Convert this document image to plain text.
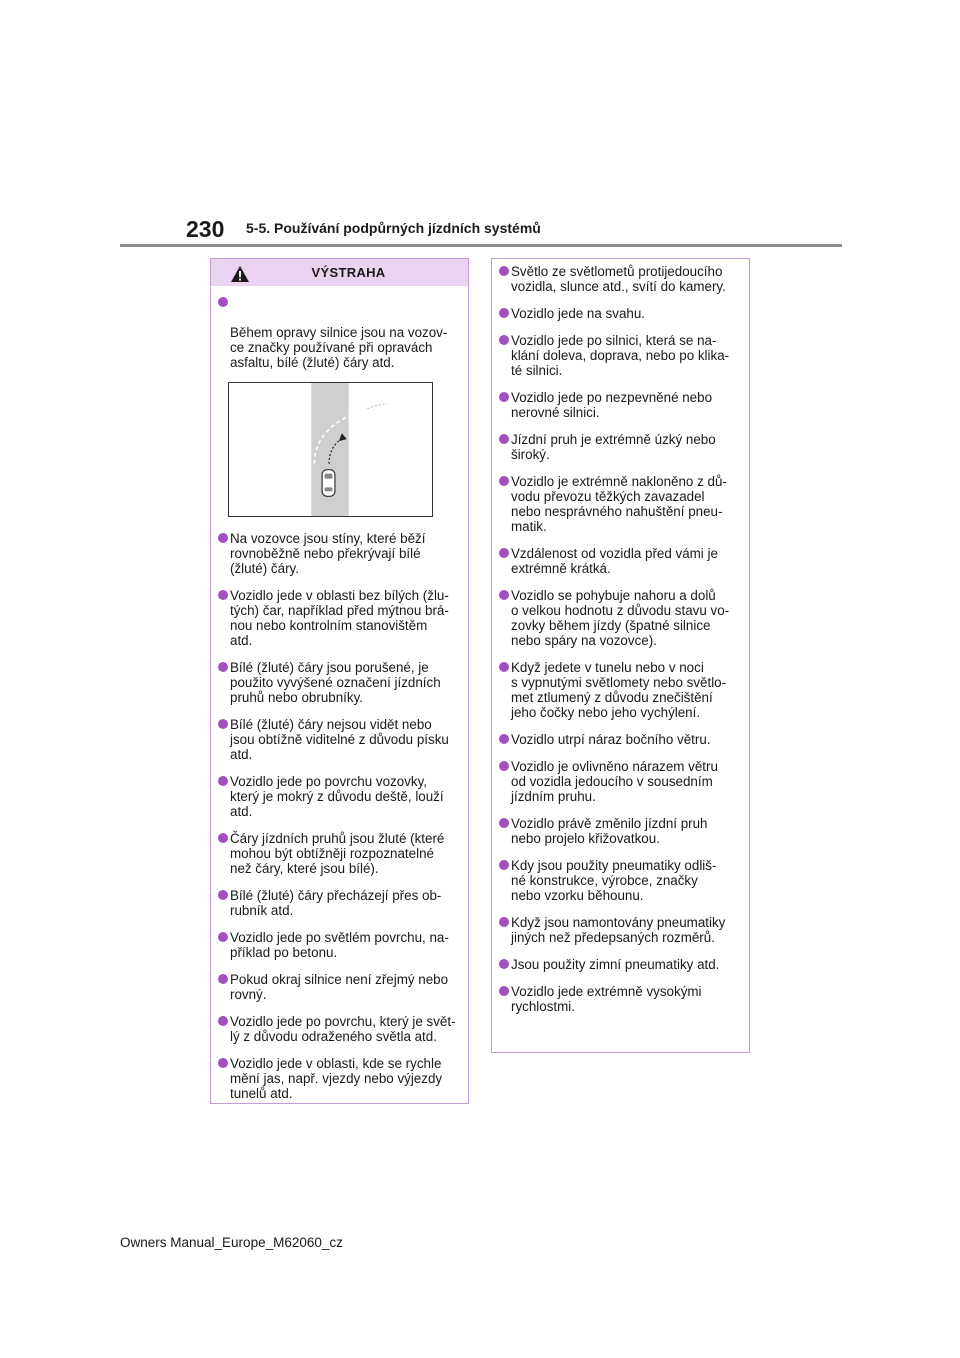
230 5-5. Používání podpůrných jízdních systémů
VÝSTRAHA

Během opravy silnice jsou na vozov-
ce značky používané při opravách
asfaltu, bílé (žluté) čáry atd.

Na vozovce jsou stíny, které běží
rovnoběžně nebo překrývají bílé
(žluté) čáry.
Vozidlo jede v oblasti bez bílých (žlu-
tých) čar, například před mýtnou brá-
nou nebo kontrolním stanovištěm
atd.
Bílé (žluté) čáry jsou porušené, je
použito vyvýšené označení jízdních
pruhů nebo obrubníky.
Bílé (žluté) čáry nejsou vidět nebo
jsou obtížně viditelné z důvodu písku
atd.
Vozidlo jede po povrchu vozovky,
který je mokrý z důvodu deště, louží
atd.
Čáry jízdních pruhů jsou žluté (které
mohou být obtížněji rozpoznatelné
než čáry, které jsou bílé).
Bílé (žluté) čáry přecházejí přes ob-
rubník atd.
Vozidlo jede po světlém povrchu, na-
příklad po betonu.
Pokud okraj silnice není zřejmý nebo
rovný.
Vozidlo jede po povrchu, který je svět-
lý z důvodu odraženého světla atd.
Vozidlo jede v oblasti, kde se rychle
mění jas, např. vjezdy nebo výjezdy
tunelů atd.
Světlo ze světlometů protijedoucího
vozidla, slunce atd., svítí do kamery.
Vozidlo jede na svahu.
Vozidlo jede po silnici, která se na-
klání doleva, doprava, nebo po klika-
té silnici.
Vozidlo jede po nezpevněné nebo
nerovné silnici.
Jízdní pruh je extrémně úzký nebo
široký.
Vozidlo je extrémně nakloněno z dů-
vodu převozu těžkých zavazadel
nebo nesprávného nahuštění pneu-
matik.
Vzdálenost od vozidla před vámi je
extrémně krátká.
Vozidlo se pohybuje nahoru a dolů
o velkou hodnotu z důvodu stavu vo-
zovky během jízdy (špatné silnice
nebo spáry na vozovce).
Když jedete v tunelu nebo v noci
s vypnutými světlomety nebo světlo-
met ztlumený z důvodu znečištění
jeho čočky nebo jeho vychýlení.
Vozidlo utrpí náraz bočního větru.
Vozidlo je ovlivněno nárazem větru
od vozidla jedoucího v sousedním
jízdním pruhu.
Vozidlo právě změnilo jízdní pruh
nebo projelo křižovatkou.
Kdy jsou použity pneumatiky odliš-
né konstrukce, výrobce, značky
nebo vzorku běhounu.
Když jsou namontovány pneumatiky
jiných než předepsaných rozměrů.
Jsou použity zimní pneumatiky atd.
Vozidlo jede extrémně vysokými
rychlostmi.
Owners Manual_Europe_M62060_cz
